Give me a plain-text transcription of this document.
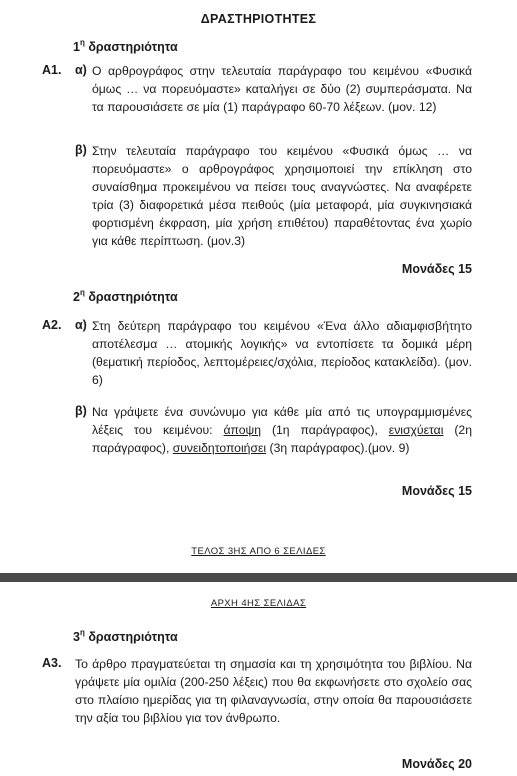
ΔΡΑΣΤΗΡΙΟΤΗΤΕΣ
$1^\eta$ δραστηριότητα
Α1. α) Ο αρθρογράφος στην τελευταία παράγραφο του κειμένου «Φυσικά όμως … να πορευόμαστε» καταλήγει σε δύο (2) συμπεράσματα. Να τα παρουσιάσετε σε μία (1) παράγραφο 60-70 λέξεων. (μον. 12)
β) Στην τελευταία παράγραφο του κειμένου «Φυσικά όμως … να πορευόμαστε» ο αρθρογράφος χρησιμοποιεί την επίκληση στο συναίσθημα προκειμένου να πείσει τους αναγνώστες. Να αναφέρετε τρία (3) διαφορετικά μέσα πειθούς (μία μεταφορά, μία συγκινησιακά φορτισμένη έκφραση, μία χρήση επιθέτου) παραθέτοντας ένα χωρίο για κάθε περίπτωση. (μον.3)
Μονάδες 15
$2^\eta$ δραστηριότητα
Α2. α) Στη δεύτερη παράγραφο του κειμένου «Ένα άλλο αδιαμφισβήτητο αποτέλεσμα … ατομικής λογικής» να εντοπίσετε τα δομικά μέρη (θεματική περίοδος, λεπτομέρειες/σχόλια, περίοδος κατακλείδα). (μον. 6)
β) Να γράψετε ένα συνώνυμο για κάθε μία από τις υπογραμμισμένες λέξεις του κειμένου: άποψη (1η παράγραφος), ενισχύεται (2η παράγραφος), συνειδητοποιήσει (3η παράγραφος).(μον. 9)
Μονάδες 15
ΤΕΛΟΣ 3ΗΣ ΑΠΟ 6 ΣΕΛΙΔΕΣ
ΑΡΧΗ 4ΗΣ ΣΕΛΙΔΑΣ
$3^\eta$ δραστηριότητα
Α3. Το άρθρο πραγματεύεται τη σημασία και τη χρησιμότητα του βιβλίου. Να γράψετε μία ομιλία (200-250 λέξεις) που θα εκφωνήσετε στο σχολείο σας στο πλαίσιο ημερίδας για τη φιλαναγνωσία, στην οποία θα παρουσιάσετε την αξία του βιβλίου για τον άνθρωπο.
Μονάδες 20
